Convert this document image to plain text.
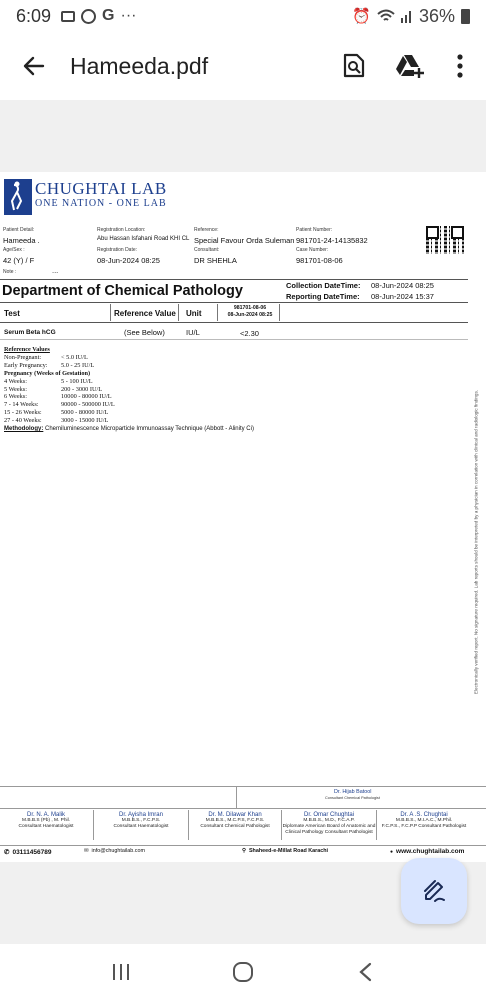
6:09	G ···	⏰	36%
Hameeda.pdf
CHUGHTAI LAB
ONE NATION - ONE LAB
Patient Detail:
Hameeda .
Age/Sex :
42 (Y) / F
Note :	...
Registration Location:
Abu Hassan Isfahani Road KHI CL
Registration Date:
08-Jun-2024 08:25
Reference:
Special Favour Orda Suleman
Consultant:
DR SHEHLA
Patient Number:
981701-24-14135832
Case Number:
981701-08-06
Department of Chemical Pathology	Collection DateTime: 08-Jun-2024 08:25
Reporting DateTime: 08-Jun-2024 15:37
Test	Reference Value Unit
981701-08-06
08-Jun-2024 08:25
Serum Beta hCG	(See Below)	IU/L	<2.30
Reference Values
Non-Pregnant:	< 5.0 IU/L
Early Pregnancy:	5.0 - 25 IU/L
Pregnancy (Weeks of Gestation)
4 Weeks:	5 - 100 IU/L
5 Weeks:	200 - 3000 IU/L
6 Weeks:	10000 - 80000 IU/L
7 - 14 Weeks:	90000 - 500000 IU/L
15 - 26 Weeks:	5000 - 80000 IU/L
27 - 40 Weeks:	3000 - 15000 IU/L
Methodology: Chemiluminescence Microparticle Immunoassay Technique (Abbott - Alinity Ci)	Electronically verified report. No signature required. Lab reports should be interpreted by a physician in correlation with clinical and radiologic findings.
Dr. Hijab Batool
Consultant Chemical Pathologist
Dr. N. A. Malik
M.B.B.S (Pb) , M. Phil.
Consultant Haematologist
Dr. Ayisha Imran
M.B.B.S., F.C.P.S.
Consultant Haematologist
Dr. M. Dilawar Khan
M.B.B.S., M.C.P.S, F.C.P.S.
Consultant Chemical Pathologist
Dr. Omar Chughtai
M.B.B.S., M.D., F.C.A.P.
Diplomate American Board of Anatomic and Clinical Pathology Consultant Pathologist
Dr. A .S. Chughtai
M.B.B.S., M.I.A.C., M.Phil.
F.C.P.S., F.C.P.P Consultant Pathologist
✆ 03111456789	✉ info@chughtailab.com	⚲ Shaheed-e-Millat Road Karachi	● www.chughtailab.com
